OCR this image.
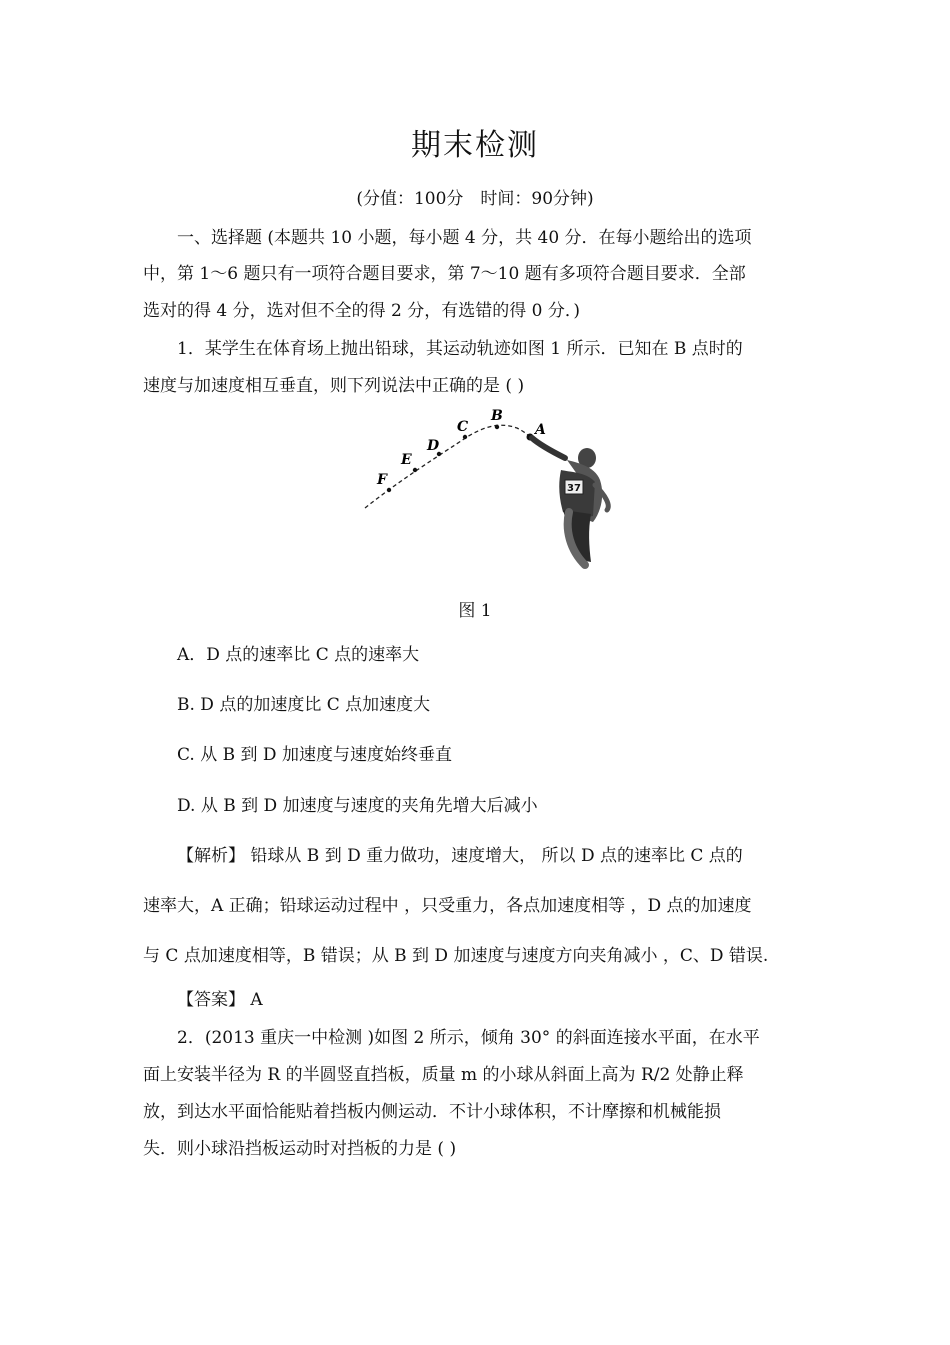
期末检测
(分值：100分　时间：90分钟)
一、选择题 (本题共 10 小题，每小题 4 分，共 40 分．在每小题给出的选项
中，第 1～6 题只有一项符合题目要求，第 7～10 题有多项符合题目要求．全部
选对的得 4 分，选对但不全的得 2 分，有选错的得 0 分．)
1．某学生在体育场上抛出铅球，其运动轨迹如图 1 所示．已知在 B 点时的
速度与加速度相互垂直，则下列说法中正确的是 ( )
F
E
D
C
B
A
37
图 1
A．D 点的速率比 C 点的速率大
B. D 点的加速度比 C 点加速度大
C. 从 B 到 D 加速度与速度始终垂直
D. 从 B 到 D 加速度与速度的夹角先增大后减小
【解析】 铅球从 B 到 D 重力做功，速度增大， 所以 D 点的速率比 C 点的
速率大，A 正确；铅球运动过程中 ，只受重力，各点加速度相等 ，D 点的加速度
与 C 点加速度相等，B 错误；从 B 到 D 加速度与速度方向夹角减小 ，C、D 错误.
【答案】 A
2．(2013 重庆一中检测 )如图 2 所示，倾角 30° 的斜面连接水平面，在水平
面上安装半径为 R 的半圆竖直挡板，质量 m 的小球从斜面上高为 R/2 处静止释
放，到达水平面恰能贴着挡板内侧运动．不计小球体积，不计摩擦和机械能损
失．则小球沿挡板运动时对挡板的力是 ( )
